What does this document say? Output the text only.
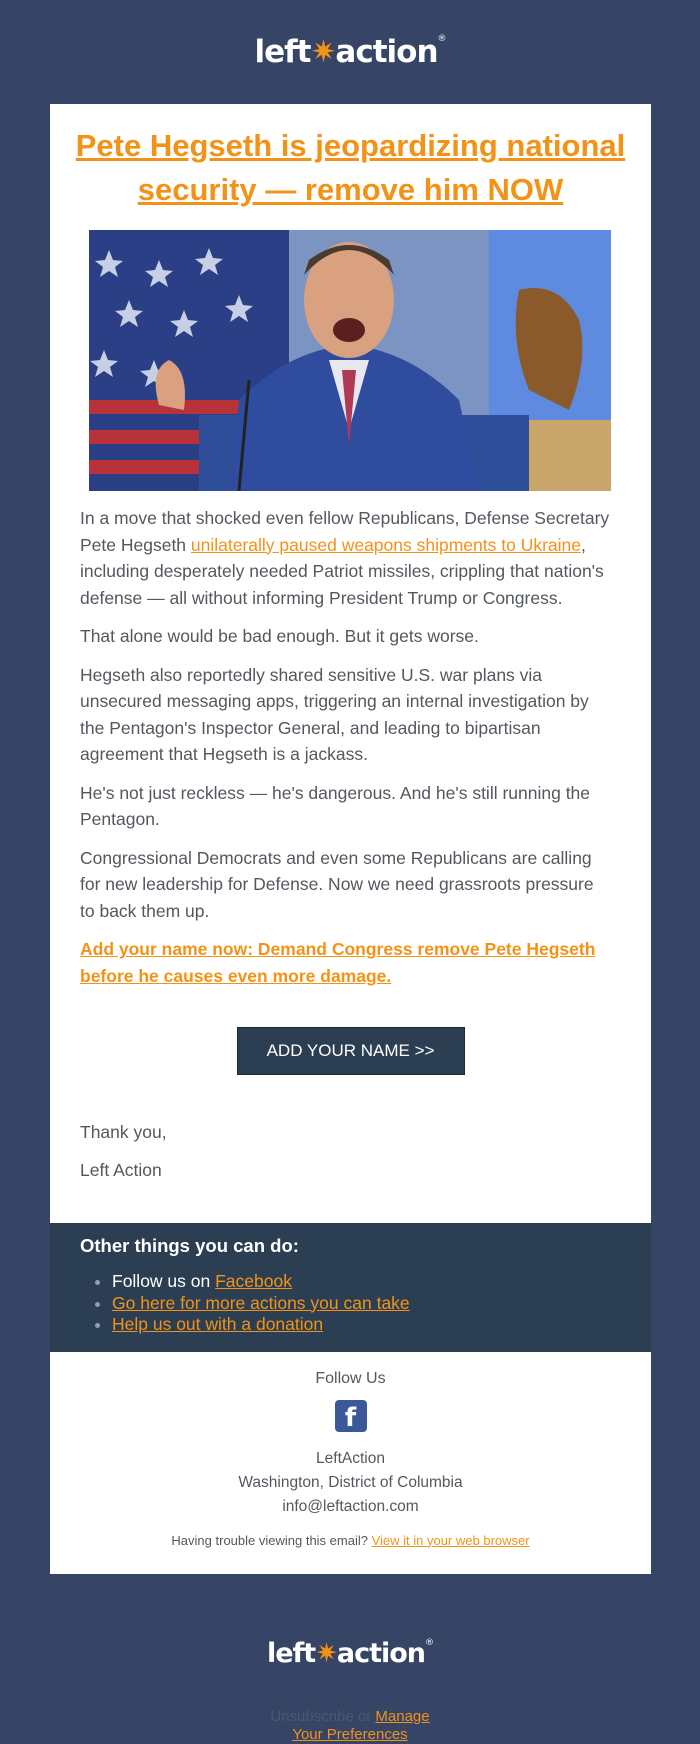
left✷action®
Pete Hegseth is jeopardizing national
security — remove him NOW

In a move that shocked even fellow Republicans, Defense Secretary Pete Hegseth unilaterally paused weapons shipments to Ukraine, including desperately needed Patriot missiles, crippling that nation's defense — all without informing President Trump or Congress.

That alone would be bad enough. But it gets worse.

Hegseth also reportedly shared sensitive U.S. war plans via unsecured messaging apps, triggering an internal investigation by the Pentagon's Inspector General, and leading to bipartisan agreement that Hegseth is a jackass.

He's not just reckless — he's dangerous. And he's still running the Pentagon.

Congressional Democrats and even some Republicans are calling for new leadership for Defense. Now we need grassroots pressure to back them up.

Add your name now: Demand Congress remove Pete Hegseth before he causes even more damage.

ADD YOUR NAME >>

Thank you,

Left Action

Other things you can do:

• Follow us on Facebook
• Go here for more actions you can take
• Help us out with a donation

Follow Us

f
LeftAction
Washington, District of Columbia
info@leftaction.com
Having trouble viewing this email? View it in your web browser
left✷action®
Unsubscribe or Manage
Your Preferences
